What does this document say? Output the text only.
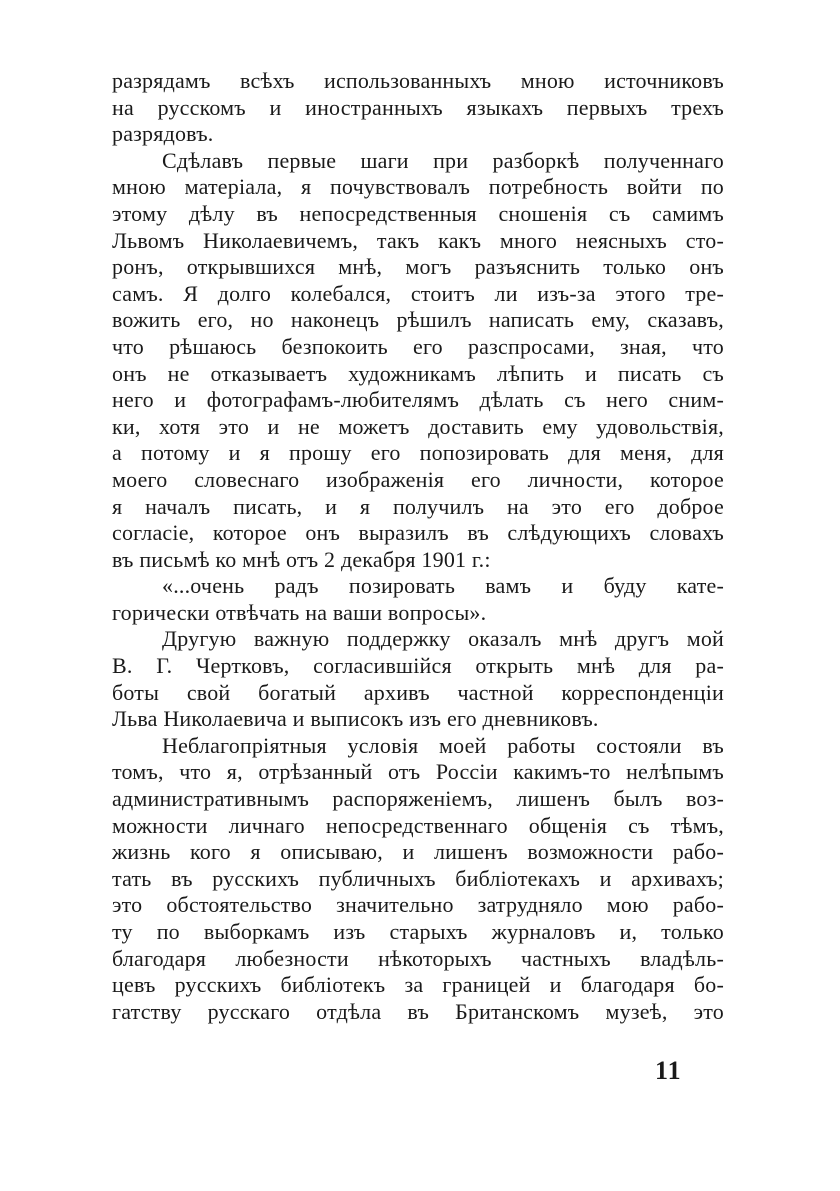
разрядамъ всѣхъ использованныхъ мною источниковъ
на русскомъ и иностранныхъ языкахъ первыхъ трехъ
разрядовъ.
Сдѣлавъ первые шаги при разборкѣ полученнаго
мною матеріала, я почувствовалъ потребность войти по
этому дѣлу въ непосредственныя сношенія съ самимъ
Львомъ Николаевичемъ, такъ какъ много неясныхъ сто-
ронъ, открывшихся мнѣ, могъ разъяснить только онъ
самъ. Я долго колебался, стоитъ ли изъ-за этого тре-
вожить его, но наконецъ рѣшилъ написать ему, сказавъ,
что рѣшаюсь безпокоить его разспросами, зная, что
онъ не отказываетъ художникамъ лѣпить и писать съ
него и фотографамъ-любителямъ дѣлать съ него сним-
ки, хотя это и не можетъ доставить ему удовольствія,
а потому и я прошу его попозировать для меня, для
моего словеснаго изображенія его личности, которое
я началъ писать, и я получилъ на это его доброе
согласіе, которое онъ выразилъ въ слѣдующихъ словахъ
въ письмѣ ко мнѣ отъ 2 декабря 1901 г.:
«...очень радъ позировать вамъ и буду кате-
горически отвѣчать на ваши вопросы».
Другую важную поддержку оказалъ мнѣ другъ мой
В. Г. Чертковъ, согласившійся открыть мнѣ для ра-
боты свой богатый архивъ частной корреспонденціи
Льва Николаевича и выписокъ изъ его дневниковъ.
Неблагопріятныя условія моей работы состояли въ
томъ, что я, отрѣзанный отъ Россіи какимъ-то нелѣпымъ
административнымъ распоряженіемъ, лишенъ былъ воз-
можности личнаго непосредственнаго общенія съ тѣмъ,
жизнь кого я описываю, и лишенъ возможности рабо-
тать въ русскихъ публичныхъ библіотекахъ и архивахъ;
это обстоятельство значительно затрудняло мою рабо-
ту по выборкамъ изъ старыхъ журналовъ и, только
благодаря любезности нѣкоторыхъ частныхъ владѣль-
цевъ русскихъ библіотекъ за границей и благодаря бо-
гатству русскаго отдѣла въ Британскомъ музеѣ, это
11
